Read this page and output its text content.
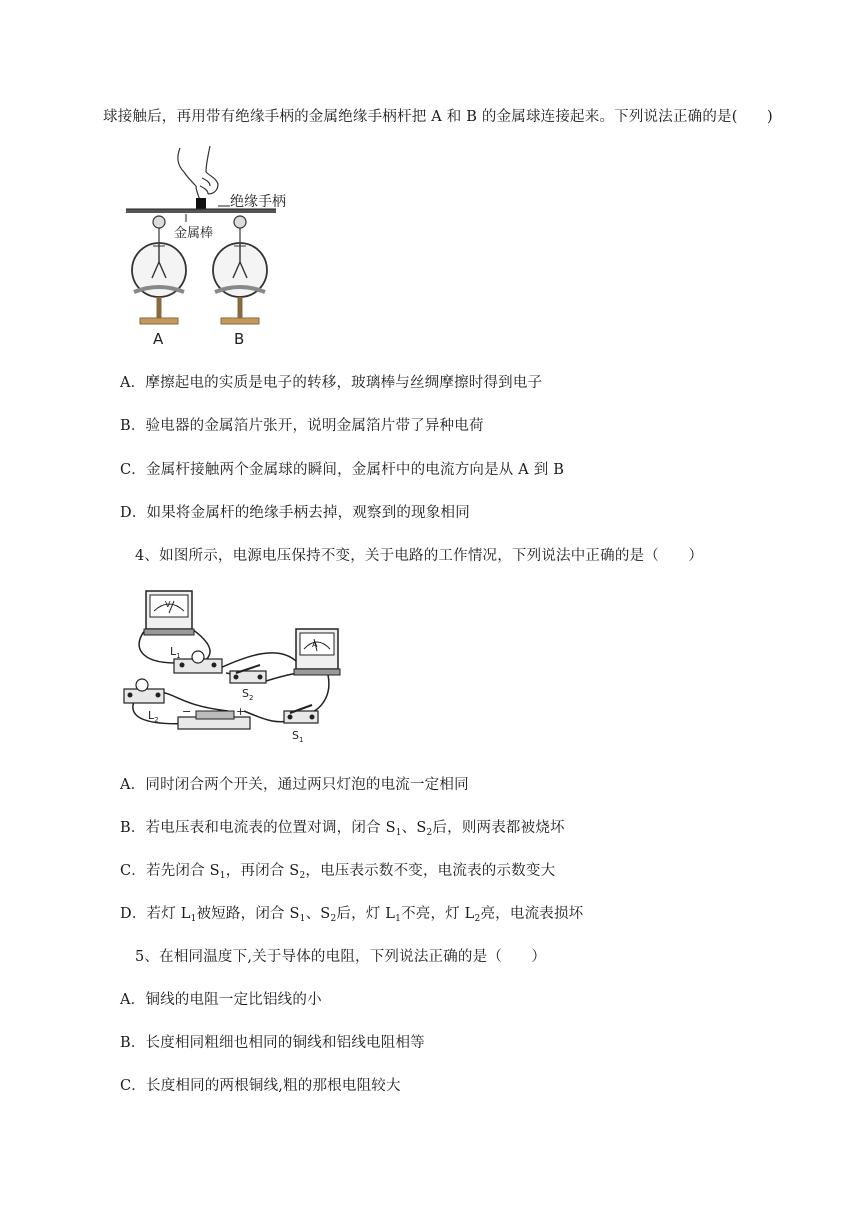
球接触后，再用带有绝缘手柄的金属绝缘手柄杆把 A 和 B 的金属球连接起来。下列说法正确的是(　　)
绝缘手柄
金属棒
A	B
A．摩擦起电的实质是电子的转移，玻璃棒与丝绸摩擦时得到电子
B．验电器的金属箔片张开，说明金属箔片带了异种电荷
C．金属杆接触两个金属球的瞬间，金属杆中的电流方向是从 A 到 B
D．如果将金属杆的绝缘手柄去掉，观察到的现象相同
4、如图所示，电源电压保持不变，关于电路的工作情况，下列说法中正确的是（　　）
V
$L_1$
$S_2$
A
$L_2$
−	+
$S_1$
A．同时闭合两个开关，通过两只灯泡的电流一定相同
B．若电压表和电流表的位置对调，闭合 $S_1$、$S_2$后，则两表都被烧坏
C．若先闭合 $S_1$，再闭合 $S_2$，电压表示数不变，电流表的示数变大
D．若灯 $L_1$被短路，闭合 $S_1$、$S_2$后，灯 $L_1$不亮，灯 $L_2$亮，电流表损坏
5、在相同温度下,关于导体的电阻，下列说法正确的是（　　）
A．铜线的电阻一定比铝线的小
B．长度相同粗细也相同的铜线和铝线电阻相等
C．长度相同的两根铜线,粗的那根电阻较大
